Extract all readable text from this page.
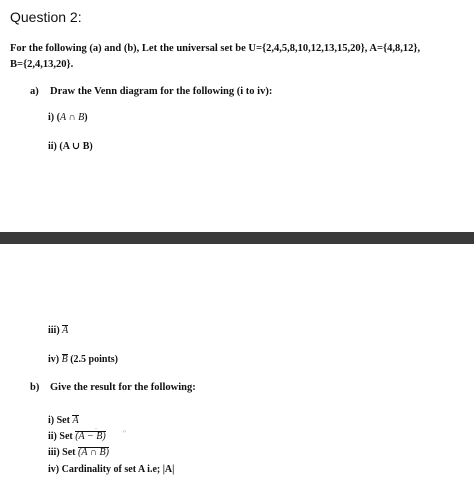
Question 2:
For the following (a) and (b), Let the universal set be U={2,4,5,8,10,12,13,15,20}, A={4,8,12},
B={2,4,13,20}.
a) Draw the Venn diagram for the following (i to iv):
i) (A ∩ B)
ii) (A ∪ B)
iii) A
iv) B (2.5 points)
b) Give the result for the following:
i) Set A
.
ii) Set (A − B) ''
iii) Set (A ∩ B)
iv) Cardinality of set A i.e; |A|
